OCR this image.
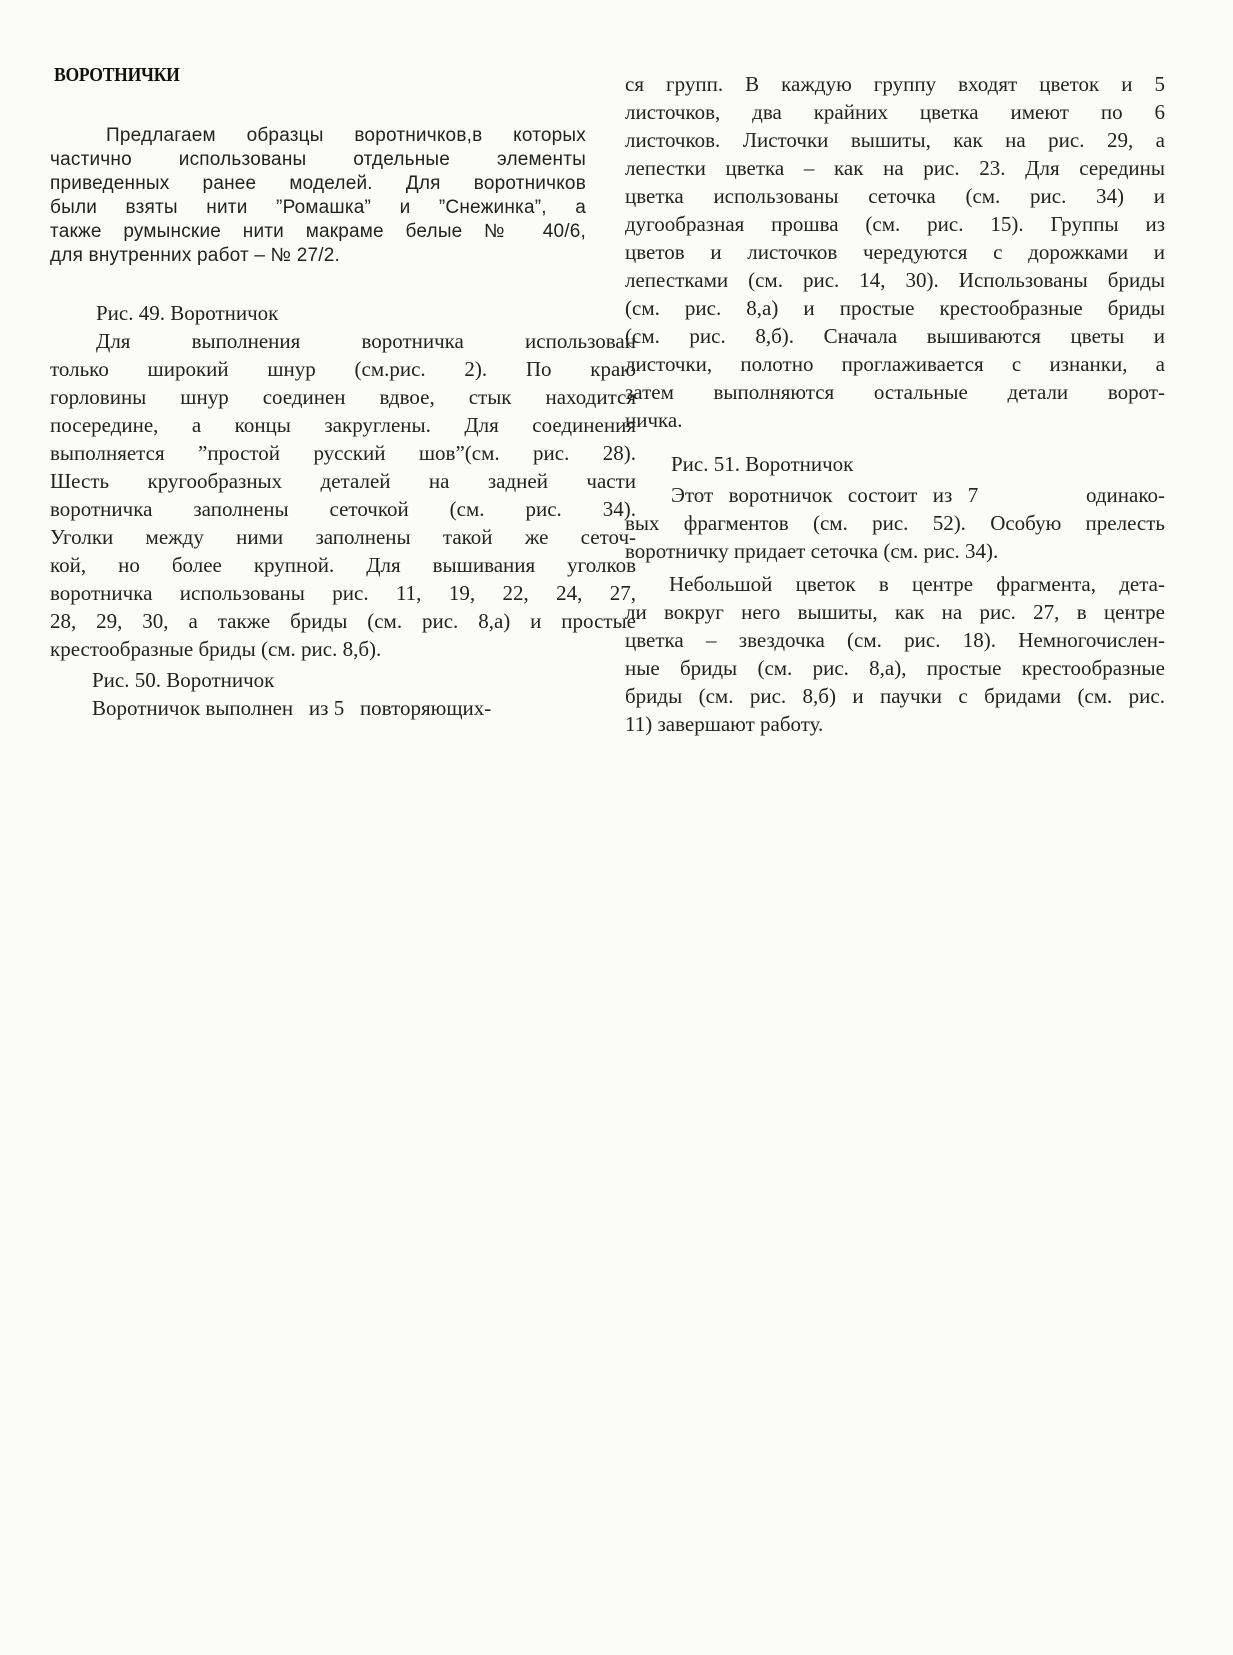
ВОРОТНИЧКИ
Предлагаем образцы воротничков,в которых
частично использованы отдельные элементы
приведенных ранее моделей. Для воротничков
были взяты нити ”Ромашка” и ”Снежинка”, а
также румынские нити макраме белые № 40/6,
для внутренних работ – № 27/2.
Рис. 49. Воротничок
Для выполнения воротничка использован
только широкий шнур (см.рис. 2). По краю
горловины шнур соединен вдвое, стык находится
посередине, а концы закруглены. Для соединения
выполняется ”простой русский шов”(см. рис. 28).
Шесть кругообразных деталей на задней части
воротничка заполнены сеточкой (см. рис. 34).
Уголки между ними заполнены такой же сеточ-
кой, но более крупной. Для вышивания уголков
воротничка использованы рис. 11, 19, 22, 24, 27,
28, 29, 30, а также бриды (см. рис. 8,а) и простые
крестообразные бриды (см. рис. 8,б).
Рис. 50. Воротничок
Воротничок выполнен   из 5   повторяющих-
ся групп. В каждую группу входят цветок и 5
листочков, два крайних цветка имеют по 6
листочков. Листочки вышиты, как на рис. 29, а
лепестки цветка – как на рис. 23. Для середины
цветка использованы сеточка (см. рис. 34) и
дугообразная прошва (см. рис. 15). Группы из
цветов и листочков чередуются с дорожками и
лепестками (см. рис. 14, 30). Использованы бриды
(см. рис. 8,а) и простые крестообразные бриды
(см. рис. 8,б). Сначала вышиваются цветы и
листочки, полотно проглаживается с изнанки, а
затем выполняются остальные детали ворот-
ничка.
Рис. 51. Воротничок
Этот воротничок состоит из 7       одинако-
вых фрагментов (см. рис. 52). Особую прелесть
воротничку придает сеточка (см. рис. 34).
Небольшой цветок в центре фрагмента, дета-
ли вокруг него вышиты, как на рис. 27, в центре
цветка – звездочка (см. рис. 18). Немногочислен-
ные бриды (см. рис. 8,а), простые крестообразные
бриды (см. рис. 8,б) и паучки с бридами (см. рис.
11) завершают работу.
